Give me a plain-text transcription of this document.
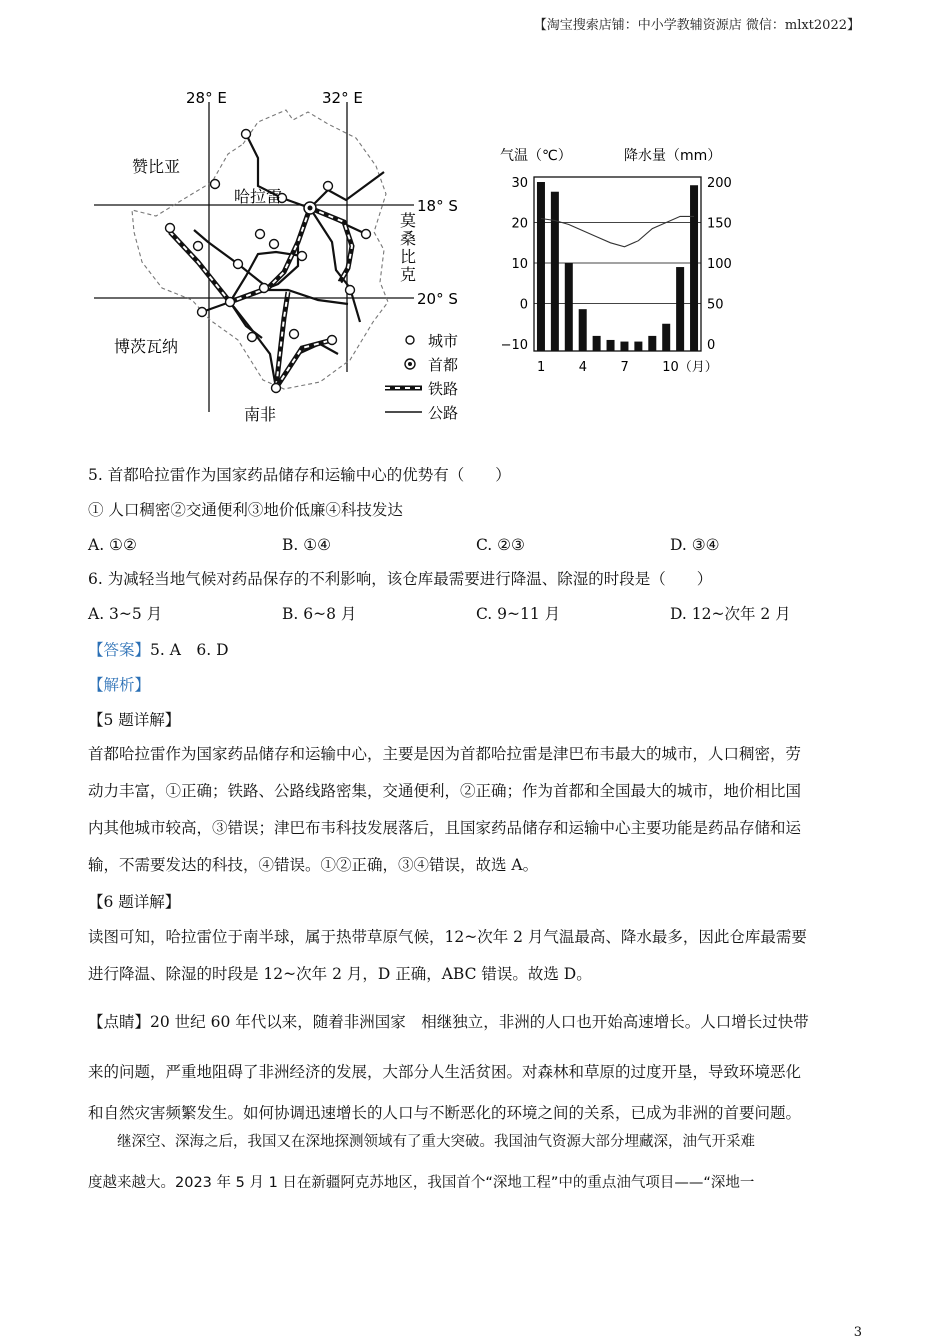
【淘宝搜索店铺：中小学教辅资源店 微信：mlxt2022】
28° E	32° E
18° S
20° S
赞比亚
哈拉雷
莫
桑
比
克
博茨瓦纳
南非
城市
首都
铁路
公路
气温（℃）	降水量（mm）
30
20
10
0
−10
200
150
100
50
0
1	4	7	10（月）
5. 首都哈拉雷作为国家药品储存和运输中心的优势有（　　）
① 人口稠密②交通便利③地价低廉④科技发达
A. ①②	B. ①④	C. ②③	D. ③④
6. 为减轻当地气候对药品保存的不利影响，该仓库最需要进行降温、除湿的时段是（　　）
A. 3~5 月	B. 6~8 月	C. 9~11 月	D. 12~次年 2 月
【答案】5. A　6. D
【解析】
【5 题详解】
首都哈拉雷作为国家药品储存和运输中心，主要是因为首都哈拉雷是津巴布韦最大的城市，人口稠密，劳
动力丰富，①正确；铁路、公路线路密集，交通便利，②正确；作为首都和全国最大的城市，地价相比国
内其他城市较高，③错误；津巴布韦科技发展落后，且国家药品储存和运输中心主要功能是药品存储和运
输，不需要发达的科技，④错误。①②正确，③④错误，故选 A。
【6 题详解】
读图可知，哈拉雷位于南半球，属于热带草原气候，12~次年 2 月气温最高、降水最多，因此仓库最需要
进行降温、除湿的时段是 12~次年 2 月，D 正确，ABC 错误。故选 D。
【点睛】20 世纪 60 年代以来，随着非洲国家　相继独立，非洲的人口也开始高速增长。人口增长过快带
来的问题，严重地阻碍了非洲经济的发展，大部分人生活贫困。对森林和草原的过度开垦，导致环境恶化
和自然灾害频繁发生。如何协调迅速增长的人口与不断恶化的环境之间的关系，已成为非洲的首要问题。
　　继深空、深海之后，我国又在深地探测领域有了重大突破。我国油气资源大部分埋藏深，油气开采难
度越来越大。2023 年 5 月 1 日在新疆阿克苏地区，我国首个“深地工程”中的重点油气项目——“深地一
3
